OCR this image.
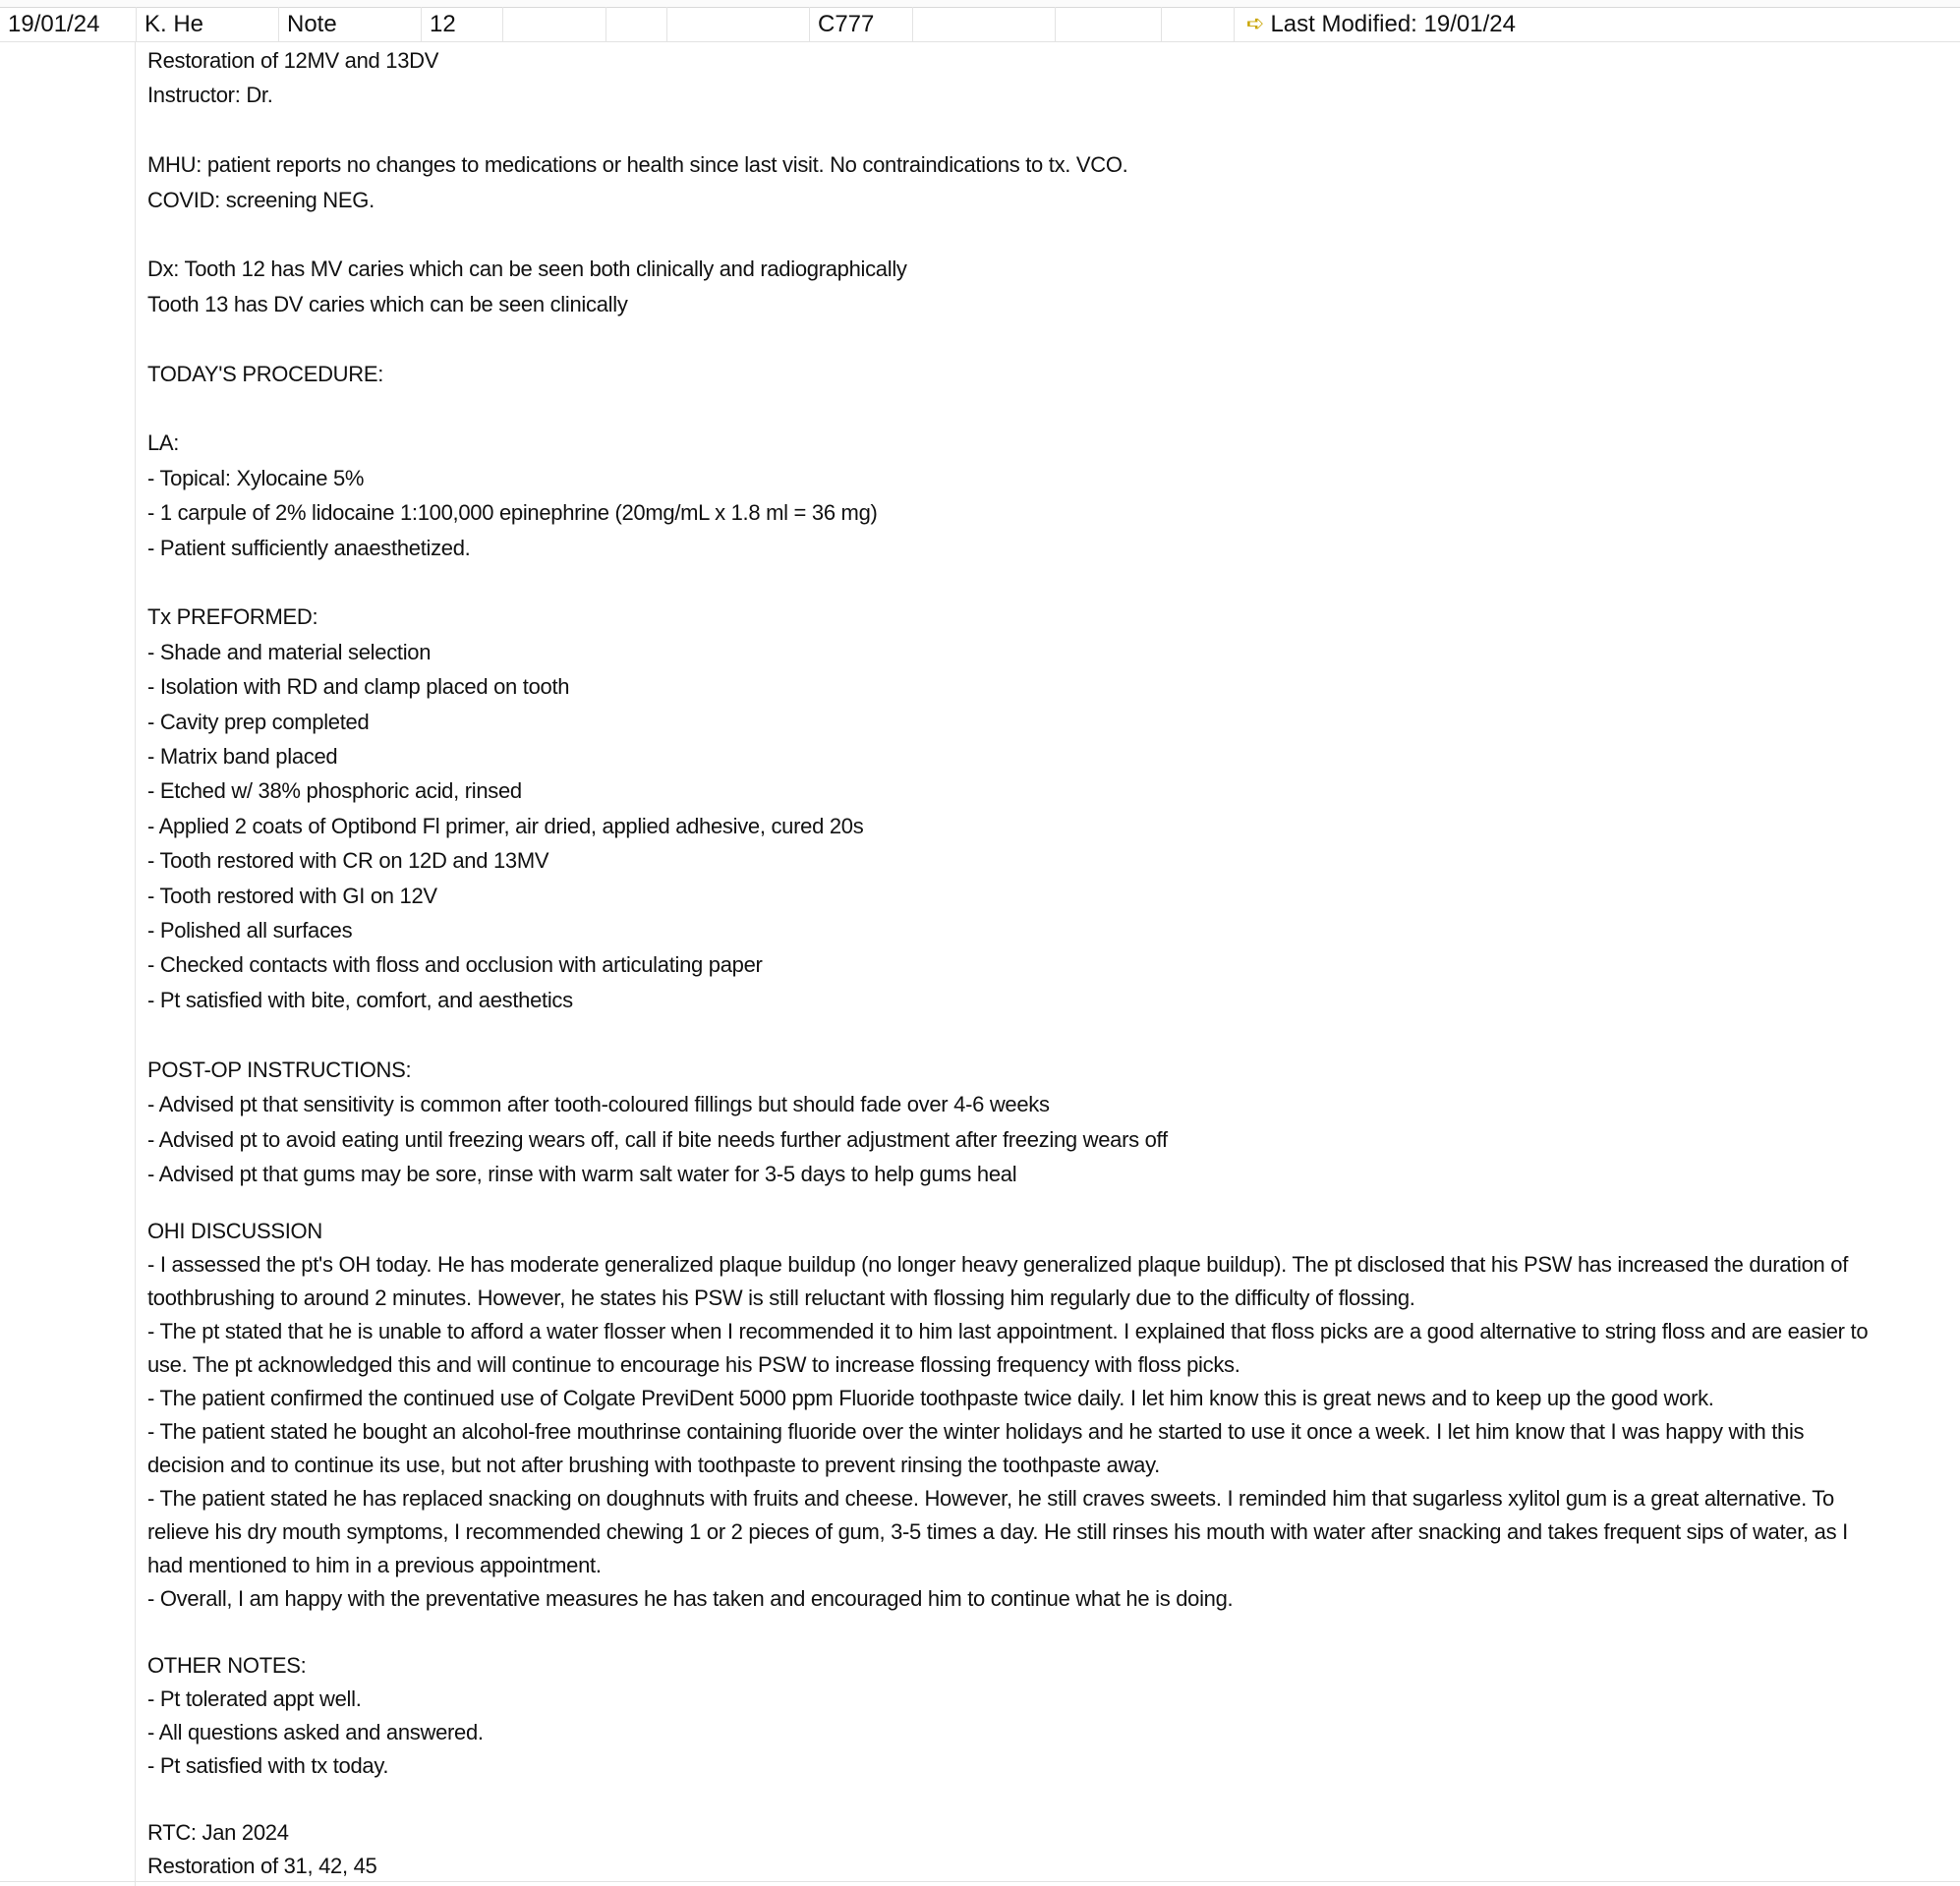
19/01/24	K. He	Note	12	C777	➪ Last Modified: 19/01/24
Restoration of 12MV and 13DV
Instructor: Dr.
MHU: patient reports no changes to medications or health since last visit. No contraindications to tx. VCO.
COVID: screening NEG.
Dx: Tooth 12 has MV caries which can be seen both clinically and radiographically
Tooth 13 has DV caries which can be seen clinically
TODAY'S PROCEDURE:
LA:
- Topical: Xylocaine 5%
- 1 carpule of 2% lidocaine 1:100,000 epinephrine (20mg/mL x 1.8 ml = 36 mg)
- Patient sufficiently anaesthetized.
Tx PREFORMED:
- Shade and material selection
- Isolation with RD and clamp placed on tooth
- Cavity prep completed
- Matrix band placed
- Etched w/ 38% phosphoric acid, rinsed
- Applied 2 coats of Optibond Fl primer, air dried, applied adhesive, cured 20s
- Tooth restored with CR on 12D and 13MV
- Tooth restored with GI on 12V
- Polished all surfaces
- Checked contacts with floss and occlusion with articulating paper
- Pt satisfied with bite, comfort, and aesthetics
POST-OP INSTRUCTIONS:
- Advised pt that sensitivity is common after tooth-coloured fillings but should fade over 4-6 weeks
- Advised pt to avoid eating until freezing wears off, call if bite needs further adjustment after freezing wears off
- Advised pt that gums may be sore, rinse with warm salt water for 3-5 days to help gums heal
OHI DISCUSSION
- I assessed the pt's OH today. He has moderate generalized plaque buildup (no longer heavy generalized plaque buildup). The pt disclosed that his PSW has increased the duration of
toothbrushing to around 2 minutes. However, he states his PSW is still reluctant with flossing him regularly due to the difficulty of flossing.
- The pt stated that he is unable to afford a water flosser when I recommended it to him last appointment. I explained that floss picks are a good alternative to string floss and are easier to
use. The pt acknowledged this and will continue to encourage his PSW to increase flossing frequency with floss picks.
- The patient confirmed the continued use of Colgate PreviDent 5000 ppm Fluoride toothpaste twice daily. I let him know this is great news and to keep up the good work.
- The patient stated he bought an alcohol-free mouthrinse containing fluoride over the winter holidays and he started to use it once a week. I let him know that I was happy with this
decision and to continue its use, but not after brushing with toothpaste to prevent rinsing the toothpaste away.
- The patient stated he has replaced snacking on doughnuts with fruits and cheese. However, he still craves sweets. I reminded him that sugarless xylitol gum is a great alternative. To
relieve his dry mouth symptoms, I recommended chewing 1 or 2 pieces of gum, 3-5 times a day. He still rinses his mouth with water after snacking and takes frequent sips of water, as I
had mentioned to him in a previous appointment.
- Overall, I am happy with the preventative measures he has taken and encouraged him to continue what he is doing.
OTHER NOTES:
- Pt tolerated appt well.
- All questions asked and answered.
- Pt satisfied with tx today.
RTC: Jan 2024
Restoration of 31, 42, 45
